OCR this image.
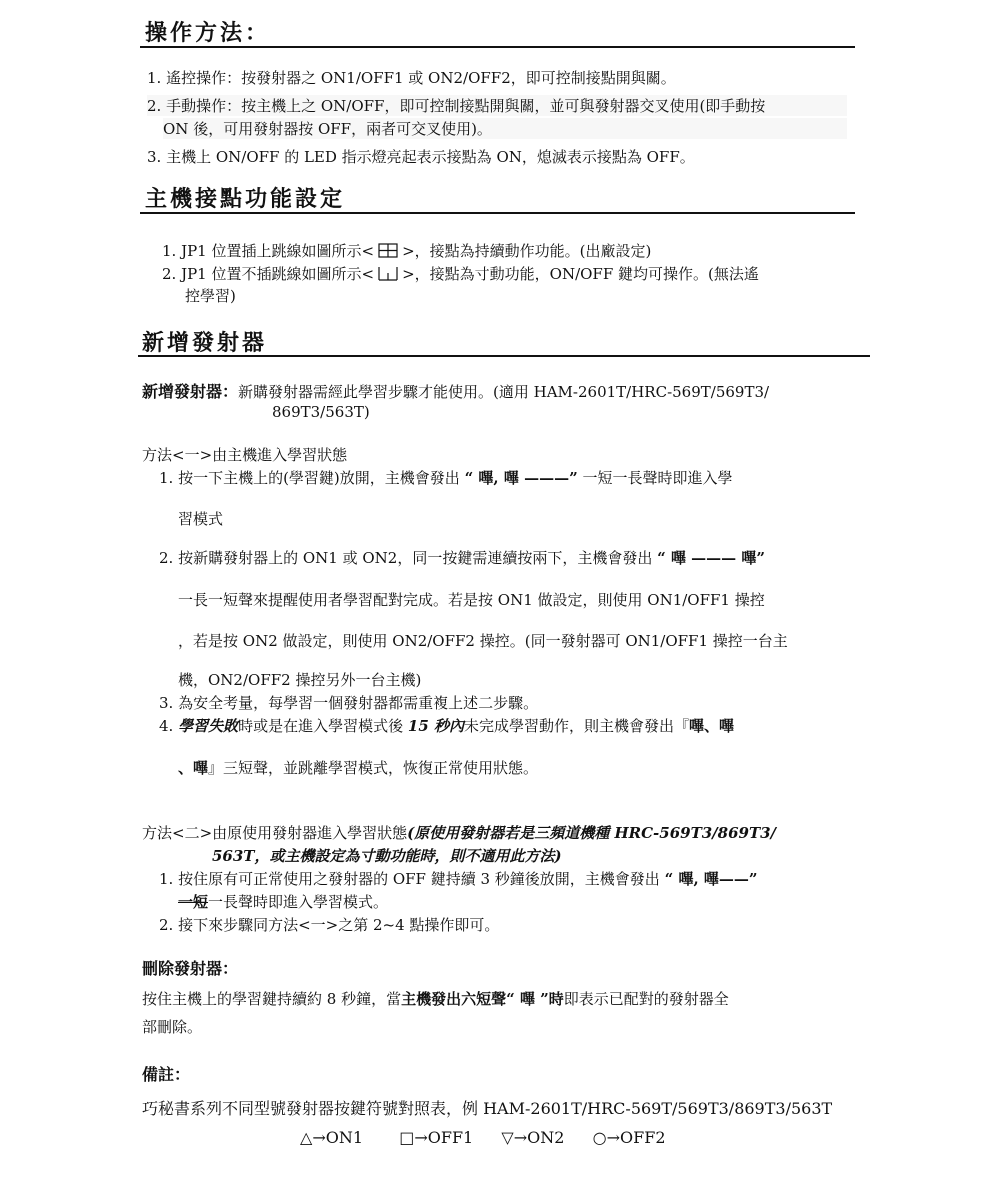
操作方法：
1. 遙控操作：按發射器之 ON1/OFF1 或 ON2/OFF2，即可控制接點開與關。
2. 手動操作：按主機上之 ON/OFF，即可控制接點開與關，並可與發射器交叉使用(即手動按
ON 後，可用發射器按 OFF，兩者可交叉使用)。
3. 主機上 ON/OFF 的 LED 指示燈亮起表示接點為 ON，熄滅表示接點為 OFF。
主機接點功能設定
1. JP1 位置插上跳線如圖所示< >，接點為持續動作功能。(出廠設定)
2. JP1 位置不插跳線如圖所示< >，接點為寸動功能，ON/OFF 鍵均可操作。(無法遙
控學習)
新增發射器
新增發射器：新購發射器需經此學習步驟才能使用。(適用 HAM-2601T/HRC-569T/569T3/
869T3/563T)
方法<一>由主機進入學習狀態
1. 按一下主機上的(學習鍵)放開，主機會發出 “ 嗶, 嗶 ———” 一短一長聲時即進入學
習模式
2. 按新購發射器上的 ON1 或 ON2，同一按鍵需連續按兩下，主機會發出 “ 嗶 ——— 嗶”
一長一短聲來提醒使用者學習配對完成。若是按 ON1 做設定，則使用 ON1/OFF1 操控
，若是按 ON2 做設定，則使用 ON2/OFF2 操控。(同一發射器可 ON1/OFF1 操控一台主
機，ON2/OFF2 操控另外一台主機)
3. 為安全考量，每學習一個發射器都需重複上述二步驟。
4. 學習失敗時或是在進入學習模式後 15 秒內未完成學習動作，則主機會發出『嗶、嗶
、嗶』三短聲，並跳離學習模式，恢復正常使用狀態。
方法<二>由原使用發射器進入學習狀態(原使用發射器若是三頻道機種 HRC-569T3/869T3/
563T，或主機設定為寸動功能時，則不適用此方法)
1. 按住原有可正常使用之發射器的 OFF 鍵持續 3 秒鐘後放開，主機會發出 “ 嗶, 嗶——”
一短一長聲時即進入學習模式。
2. 接下來步驟同方法<一>之第 2~4 點操作即可。
刪除發射器：
按住主機上的學習鍵持續約 8 秒鐘，當主機發出六短聲“ 嗶 ”時即表示已配對的發射器全
部刪除。
備註：
巧秘書系列不同型號發射器按鍵符號對照表，例 HAM-2601T/HRC-569T/569T3/869T3/563T
△→ON1 □→OFF1 ▽→ON2 ○→OFF2
